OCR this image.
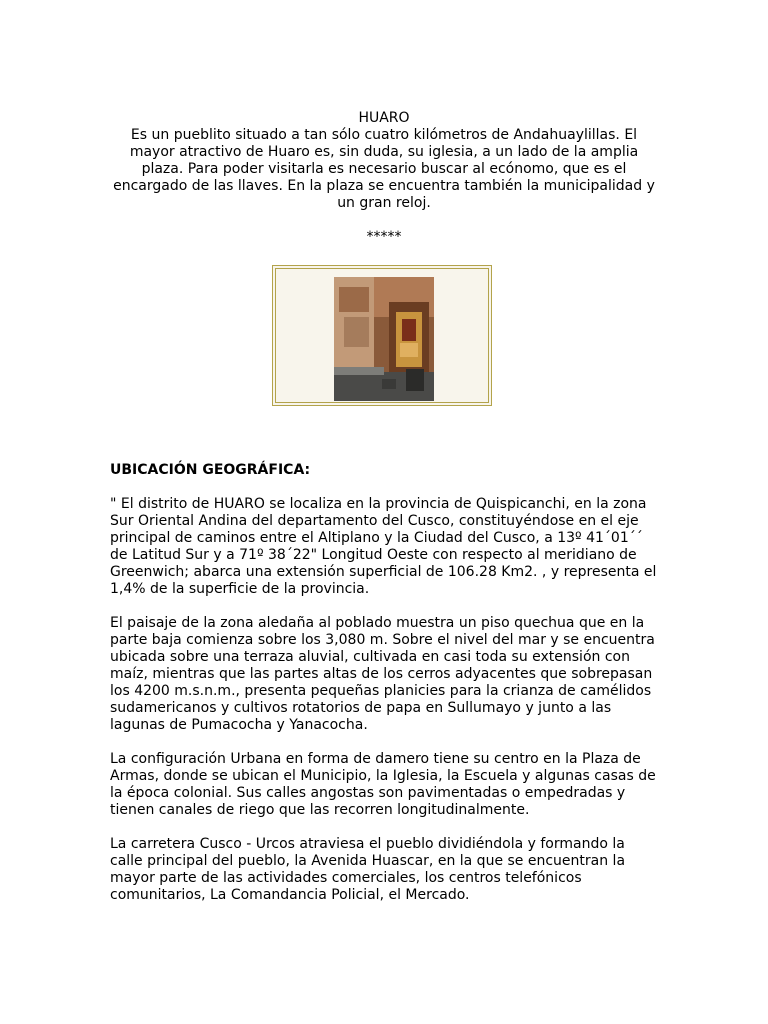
HUARO

Es un pueblito situado a tan sólo cuatro kilómetros de Andahuaylillas. El mayor atractivo de Huaro es, sin duda, su iglesia, a un lado de la amplia plaza. Para poder visitarla es necesario buscar al ecónomo, que es el encargado de las llaves. En la plaza se encuentra también la municipalidad y un gran reloj.

*****
UBICACIÓN GEOGRÁFICA:

" El distrito de HUARO se localiza en la provincia de Quispicanchi, en la zona Sur Oriental Andina del departamento del Cusco, constituyéndose en el eje principal de caminos entre el Altiplano y la Ciudad del Cusco, a 13º 41´01´´ de Latitud Sur y a 71º 38´22" Longitud Oeste con respecto al meridiano de Greenwich; abarca una extensión superficial de 106.28 Km2. , y representa el 1,4% de la superficie de la provincia.

El paisaje de la zona aledaña al poblado muestra un piso quechua que en la parte baja comienza sobre los 3,080 m. Sobre el nivel del mar y se encuentra ubicada sobre una terraza aluvial, cultivada en casi toda su extensión con maíz, mientras que las partes altas de los cerros adyacentes que sobrepasan los 4200 m.s.n.m., presenta pequeñas planicies para la crianza de camélidos sudamericanos y cultivos rotatorios de papa en Sullumayo y junto a las lagunas de Pumacocha y Yanacocha.

La configuración Urbana en forma de damero tiene su centro en la Plaza de Armas, donde se ubican el Municipio, la Iglesia, la Escuela y algunas casas de la época colonial. Sus calles angostas son pavimentadas o empedradas y tienen canales de riego que las recorren longitudinalmente.

La carretera Cusco - Urcos atraviesa el pueblo dividiéndola y formando la calle principal del pueblo, la Avenida Huascar, en la que se encuentran la mayor parte de las actividades comerciales, los centros telefónicos comunitarios, La Comandancia Policial, el Mercado.
